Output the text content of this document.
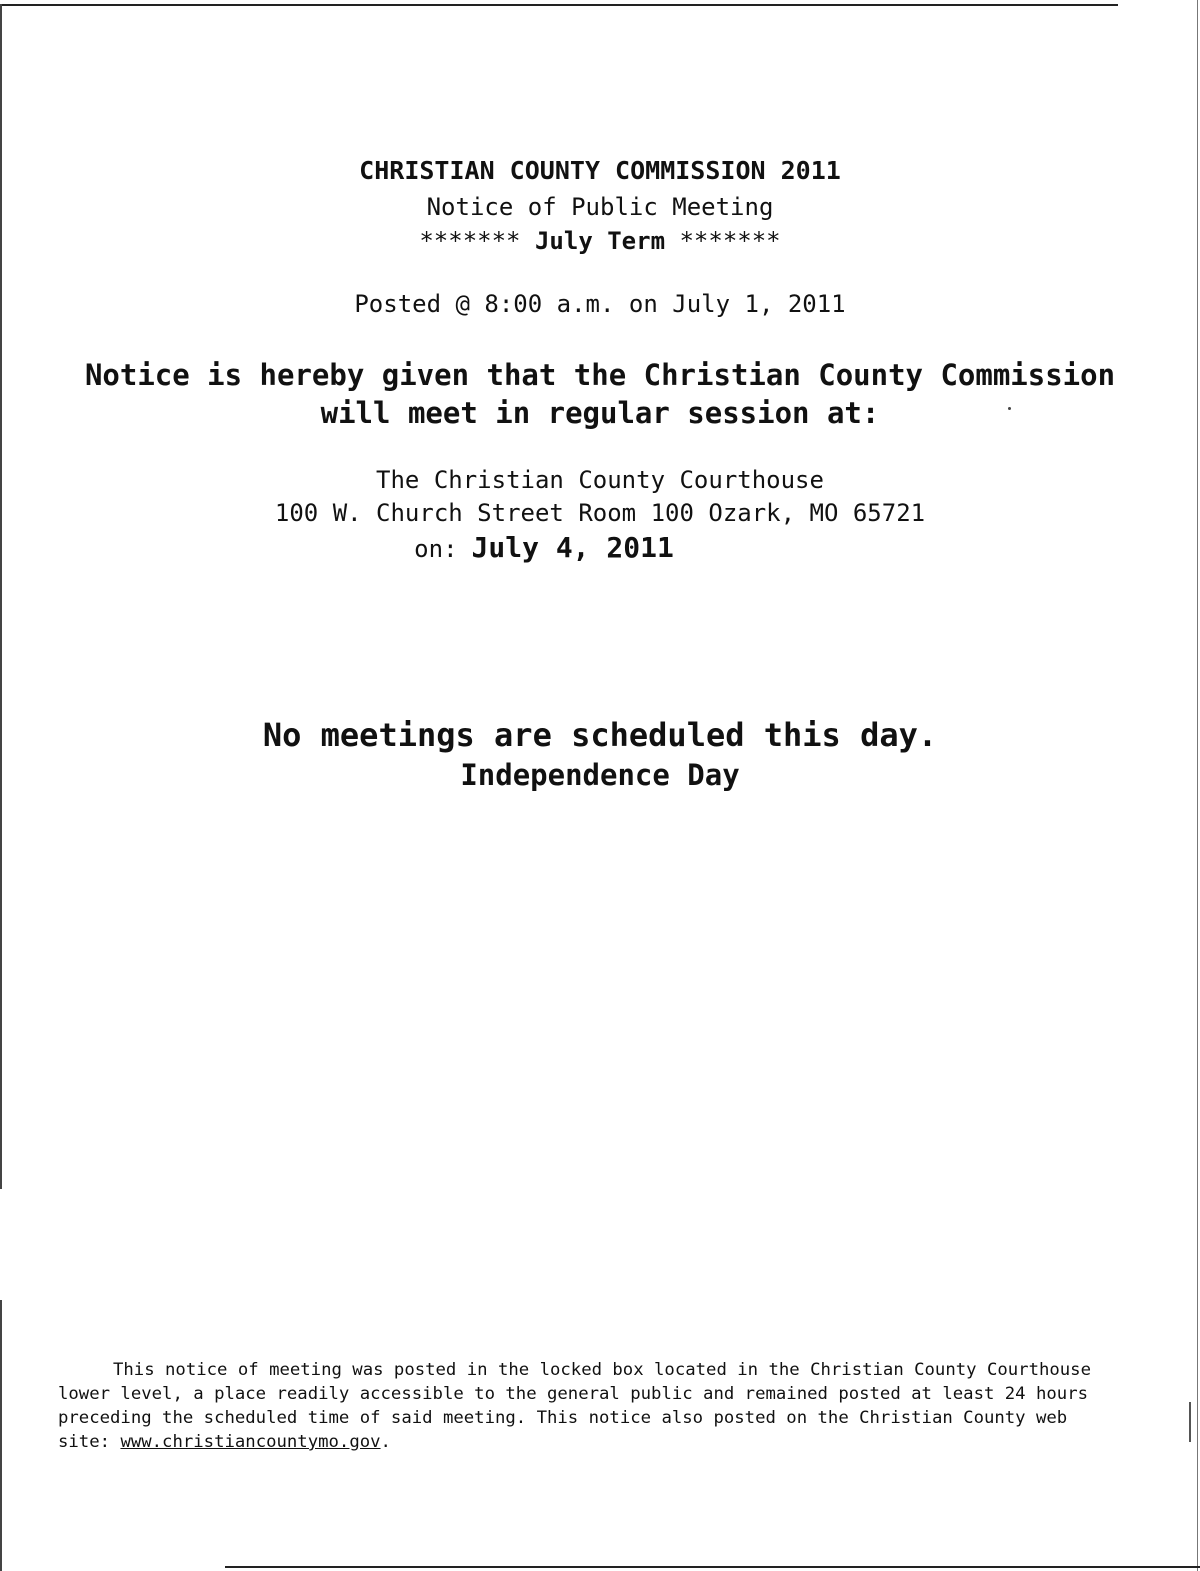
CHRISTIAN COUNTY COMMISSION 2011
Notice of Public Meeting
******* July Term *******
Posted @ 8:00 a.m. on July 1, 2011
Notice is hereby given that the Christian County Commission
will meet in regular session at:
The Christian County Courthouse
100 W. Church Street Room 100 Ozark, MO 65721
on: July 4, 2011
No meetings are scheduled this day.
Independence Day
This notice of meeting was posted in the locked box located in the Christian County Courthouse
lower level, a place readily accessible to the general public and remained posted at least 24 hours
preceding the scheduled time of said meeting. This notice also posted on the Christian County web
site: www.christiancountymo.gov.
